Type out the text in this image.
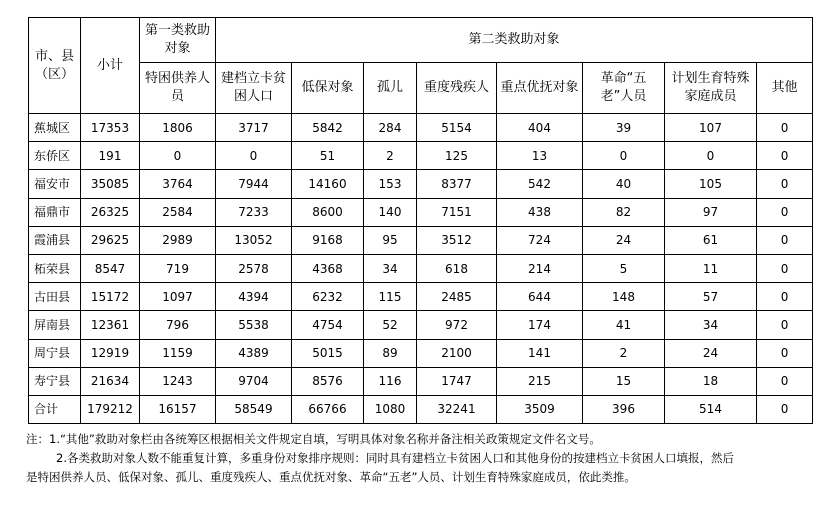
市、县（区）	小计	第一类救助对象	第二类救助对象							
		特困供养人员	建档立卡贫困人口	低保对象	孤儿	重度残疾人	重点优抚对象	革命“五老”人员	计划生育特殊家庭成员	其他
蕉城区	17353	1806	3717	5842	284	5154	404	39	107	0
东侨区	191	0	0	51	2	125	13	0	0	0
福安市	35085	3764	7944	14160	153	8377	542	40	105	0
福鼎市	26325	2584	7233	8600	140	7151	438	82	97	0
霞浦县	29625	2989	13052	9168	95	3512	724	24	61	0
柘荣县	8547	719	2578	4368	34	618	214	5	11	0
古田县	15172	1097	4394	6232	115	2485	644	148	57	0
屏南县	12361	796	5538	4754	52	972	174	41	34	0
周宁县	12919	1159	4389	5015	89	2100	141	2	24	0
寿宁县	21634	1243	9704	8576	116	1747	215	15	18	0
合计	179212	16157	58549	66766	1080	32241	3509	396	514	0

注：1.“其他”救助对象栏由各统筹区根据相关文件规定自填，写明具体对象名称并备注相关政策规定文件名文号。

2.各类救助对象人数不能重复计算，多重身份对象排序规则：同时具有建档立卡贫困人口和其他身份的按建档立卡贫困人口填报，然后

是特困供养人员、低保对象、孤儿、重度残疾人、重点优抚对象、革命“五老”人员、计划生育特殊家庭成员，依此类推。
